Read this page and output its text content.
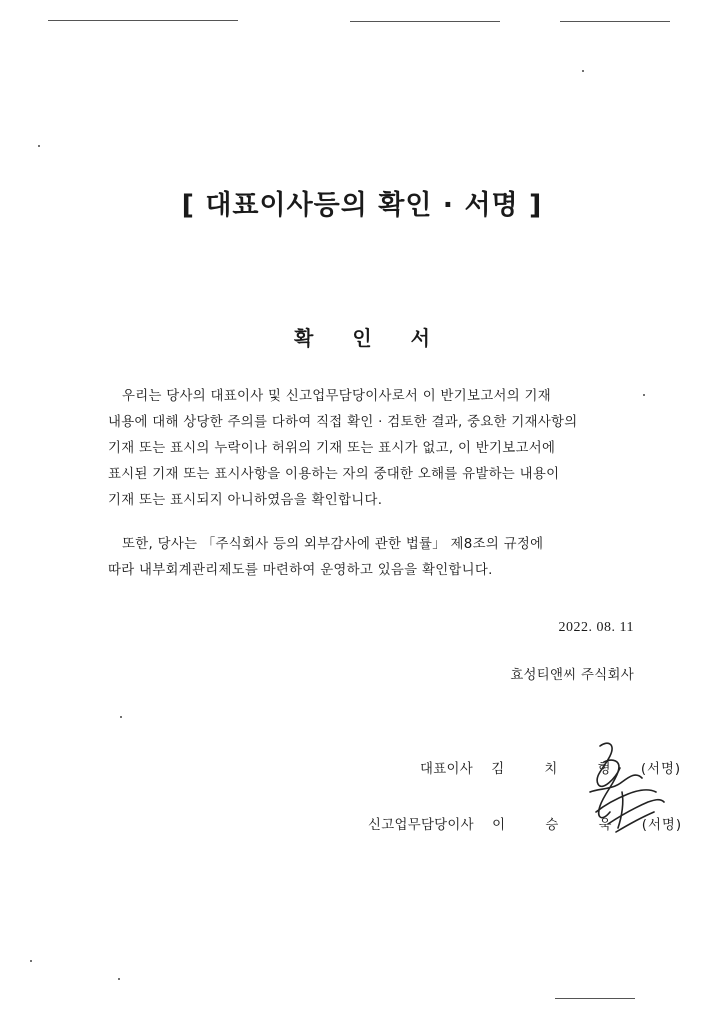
[ 대표이사등의 확인 · 서명 ]
확 인 서
우리는 당사의 대표이사 및 신고업무담당이사로서 이 반기보고서의 기재
내용에 대해 상당한 주의를 다하여 직접 확인 · 검토한 결과, 중요한 기재사항의
기재 또는 표시의 누락이나 허위의 기재 또는 표시가 없고, 이 반기보고서에
표시된 기재 또는 표시사항을 이용하는 자의 중대한 오해를 유발하는 내용이
기재 또는 표시되지 아니하였음을 확인합니다.
또한, 당사는 「주식회사 등의 외부감사에 관한 법률」 제8조의 규정에
따라 내부회계관리제도를 마련하여 운영하고 있음을 확인합니다.
2022. 08. 11
효성티앤씨 주식회사
대표이사 김 치 형 (서명)
신고업무담당이사 이 승 욱 (서명)
